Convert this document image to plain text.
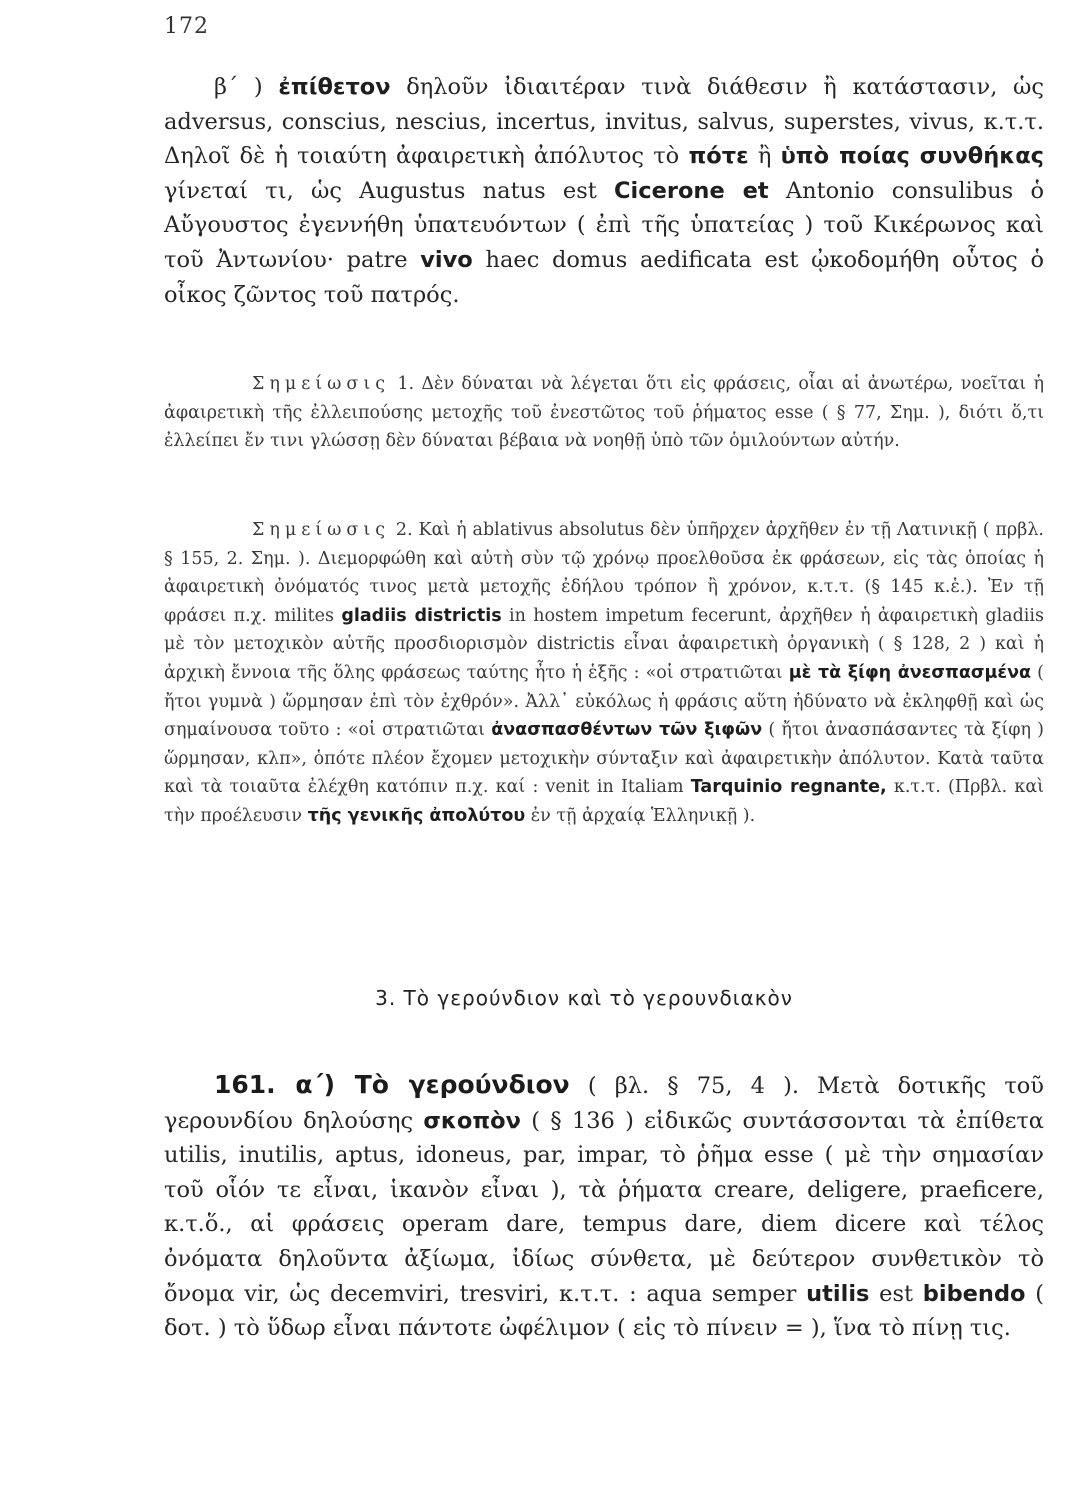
172

β΄ ) ἐπίθετον δηλοῦν ἰδιαιτέραν τινὰ διάθεσιν ἢ κατάστασιν, ὡς adversus, conscius, nescius, incertus, invitus, salvus, superstes, vivus, κ.τ.τ. Δηλοῖ δὲ ἡ τοιαύτη ἀφαιρετικὴ ἀπόλυτος τὸ πότε ἢ ὑπὸ ποίας συνθήκας γίνεταί τι, ὡς Augustus natus est Cicerone et Antonio consulibus ὁ Αὔγουστος ἐγεννήθη ὑπατευόντων ( ἐπὶ τῆς ὑπατείας ) τοῦ Κικέρωνος καὶ τοῦ Ἀντωνίου· patre vivo haec domus aedificata est ᾠκοδομήθη οὗτος ὁ οἶκος ζῶντος τοῦ πατρός.

Σημείωσις 1. Δὲν δύναται νὰ λέγεται ὅτι εἰς φράσεις, οἷαι αἱ ἀνωτέρω, νοεῖται ἡ ἀφαιρετικὴ τῆς ἐλλειπούσης μετοχῆς τοῦ ἐνεστῶτος τοῦ ῥήματος esse ( § 77, Σημ. ), διότι ὅ,τι ἐλλείπει ἔν τινι γλώσσῃ δὲν δύναται βέβαια νὰ νοηθῇ ὑπὸ τῶν ὁμιλούντων αὐτήν.

Σημείωσις 2. Καὶ ἡ ablativus absolutus δὲν ὑπῆρχεν ἀρχῆθεν ἐν τῇ Λατινικῇ ( πρβλ. § 155, 2. Σημ. ). Διεμορφώθη καὶ αὐτὴ σὺν τῷ χρόνῳ προελθοῦσα ἐκ φράσεων, εἰς τὰς ὁποίας ἡ ἀφαιρετικὴ ὀνόματός τινος μετὰ μετοχῆς ἐδήλου τρόπον ἢ χρόνον, κ.τ.τ. (§ 145 κ.ἑ.). Ἐν τῇ φράσει π.χ. milites gladiis districtis in hostem impetum fecerunt, ἀρχῆθεν ἡ ἀφαιρετικὴ gladiis μὲ τὸν μετοχικὸν αὐτῆς προσδιορισμὸν districtis εἶναι ἀφαιρετικὴ ὀργανικὴ ( § 128, 2 ) καὶ ἡ ἀρχικὴ ἔννοια τῆς ὅλης φράσεως ταύτης ἦτο ἡ ἑξῆς : «οἱ στρατιῶται μὲ τὰ ξίφη ἀνεσπασμένα ( ἤτοι γυμνὰ ) ὥρμησαν ἐπὶ τὸν ἐχθρόν». Ἀλλ᾽ εὐκόλως ἡ φράσις αὕτη ἠδύνατο νὰ ἐκληφθῇ καὶ ὡς σημαίνουσα τοῦτο : «οἱ στρατιῶται ἀνασπασθέντων τῶν ξιφῶν ( ἤτοι ἀνασπάσαντες τὰ ξίφη ) ὥρμησαν, κλπ», ὁπότε πλέον ἔχομεν μετοχικὴν σύνταξιν καὶ ἀφαιρετικὴν ἀπόλυτον. Κατὰ ταῦτα καὶ τὰ τοιαῦτα ἐλέχθη κατόπιν π.χ. καί : venit in Italiam Tarquinio regnante, κ.τ.τ. (Πρβλ. καὶ τὴν προέλευσιν τῆς γενικῆς ἀπολύτου ἐν τῇ ἀρχαίᾳ Ἑλληνικῇ ).

3. Τὸ γερούνδιον καὶ τὸ γερουνδιακὸν

161. α΄) Τὸ γερούνδιον ( βλ. § 75, 4 ). Μετὰ δοτικῆς τοῦ γερουνδίου δηλούσης σκοπὸν ( § 136 ) εἰδικῶς συντάσσονται τὰ ἐπίθετα utilis, inutilis, aptus, idoneus, par, impar, τὸ ῥῆμα esse ( μὲ τὴν σημασίαν τοῦ οἷόν τε εἶναι, ἱκανὸν εἶναι ), τὰ ῥήματα creare, deligere, praeficere, κ.τ.ὅ., αἱ φράσεις operam dare, tempus dare, diem dicere καὶ τέλος ὀνόματα δηλοῦντα ἀξίωμα, ἰδίως σύνθετα, μὲ δεύτερον συνθετικὸν τὸ ὄνομα vir, ὡς decemviri, tresviri, κ.τ.τ. : aqua semper utilis est bibendo ( δοτ. ) τὸ ὕδωρ εἶναι πάντοτε ὠφέλιμον ( εἰς τὸ πίνειν = ), ἵνα τὸ πίνῃ τις.
